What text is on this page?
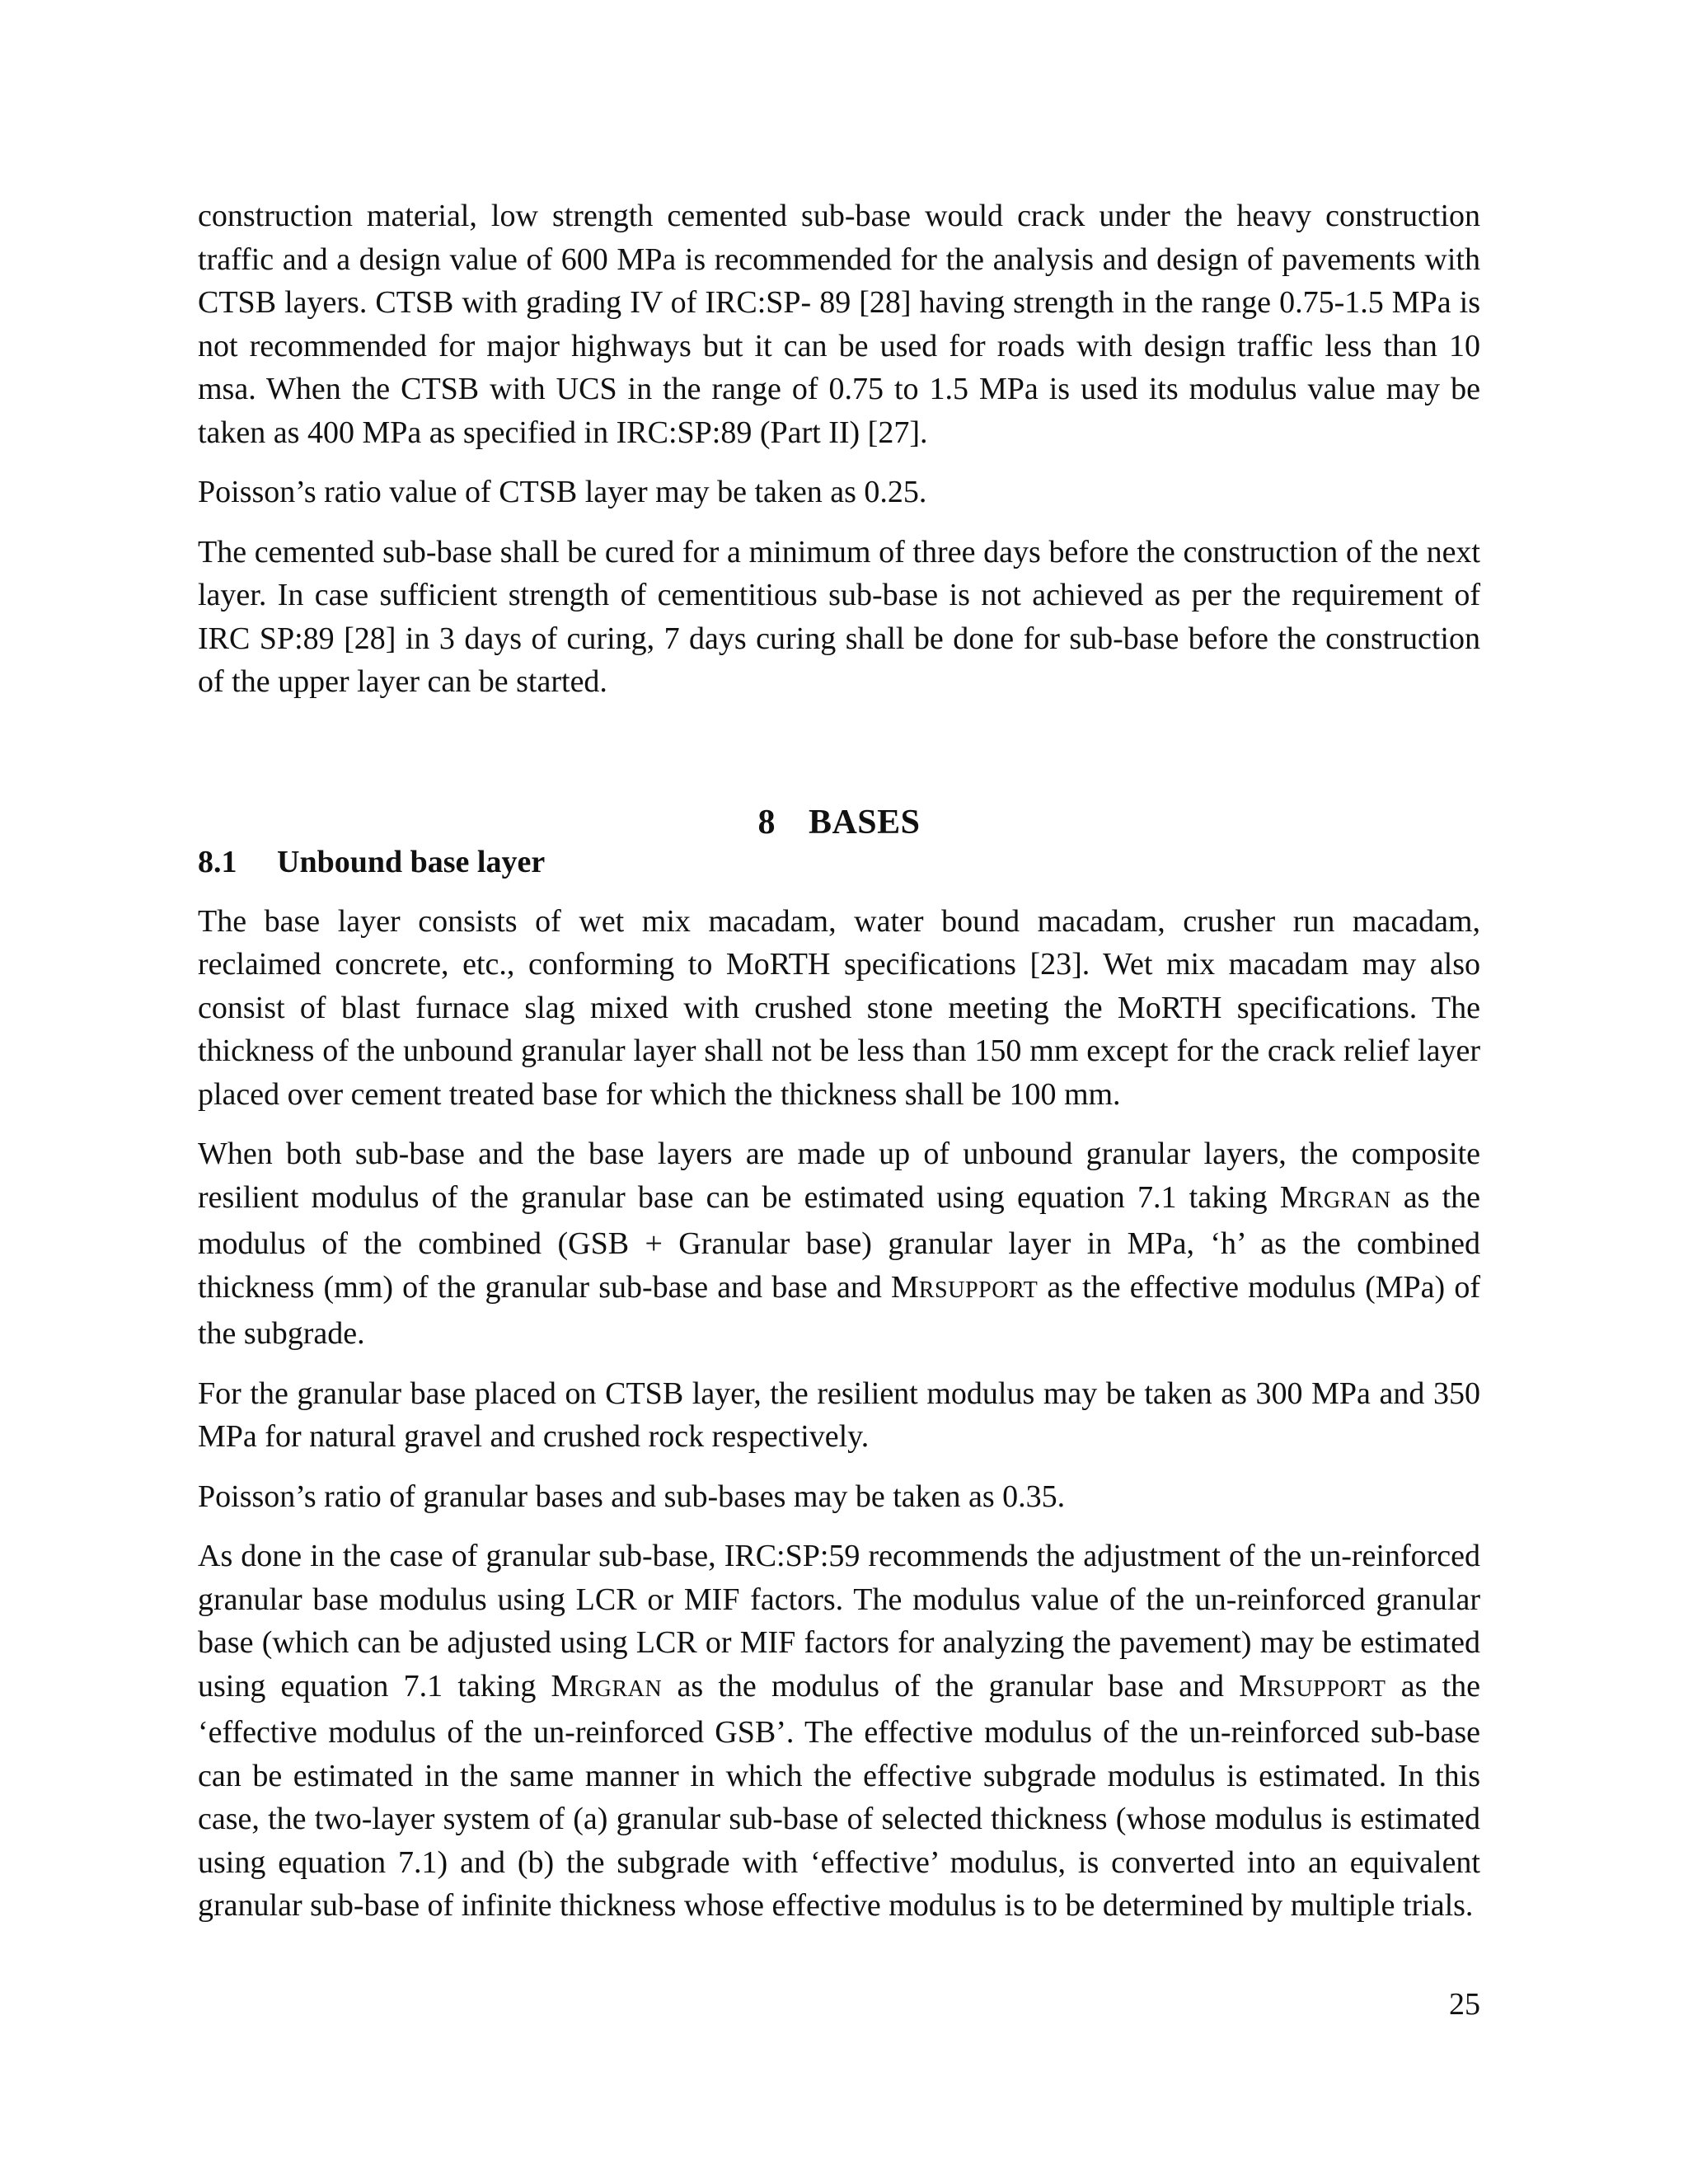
construction material, low strength cemented sub-base would crack under the heavy construction traffic and a design value of 600 MPa is recommended for the analysis and design of pavements with CTSB layers. CTSB with grading IV of IRC:SP- 89 [28] having strength in the range 0.75-1.5 MPa is not recommended for major highways but it can be used for roads with design traffic less than 10 msa. When the CTSB with UCS in the range of 0.75 to 1.5 MPa is used its modulus value may be taken as 400 MPa as specified in IRC:SP:89 (Part II) [27].

Poisson’s ratio value of CTSB layer may be taken as 0.25.

The cemented sub-base shall be cured for a minimum of three days before the construction of the next layer. In case sufficient strength of cementitious sub-base is not achieved as per the requirement of IRC SP:89 [28] in 3 days of curing, 7 days curing shall be done for sub-base before the construction of the upper layer can be started.

8 BASES
8.1 Unbound base layer

The base layer consists of wet mix macadam, water bound macadam, crusher run macadam, reclaimed concrete, etc., conforming to MoRTH specifications [23]. Wet mix macadam may also consist of blast furnace slag mixed with crushed stone meeting the MoRTH specifications. The thickness of the unbound granular layer shall not be less than 150 mm except for the crack relief layer placed over cement treated base for which the thickness shall be 100 mm.

When both sub-base and the base layers are made up of unbound granular layers, the composite resilient modulus of the granular base can be estimated using equation 7.1 taking MRGRAN as the modulus of the combined (GSB + Granular base) granular layer in MPa, ‘h’ as the combined thickness (mm) of the granular sub-base and base and MRSUPPORT as the effective modulus (MPa) of the subgrade.

For the granular base placed on CTSB layer, the resilient modulus may be taken as 300 MPa and 350 MPa for natural gravel and crushed rock respectively.

Poisson’s ratio of granular bases and sub-bases may be taken as 0.35.

As done in the case of granular sub-base, IRC:SP:59 recommends the adjustment of the un-reinforced granular base modulus using LCR or MIF factors. The modulus value of the un-reinforced granular base (which can be adjusted using LCR or MIF factors for analyzing the pavement) may be estimated using equation 7.1 taking MRGRAN as the modulus of the granular base and MRSUPPORT as the ‘effective modulus of the un-reinforced GSB’. The effective modulus of the un-reinforced sub-base can be estimated in the same manner in which the effective subgrade modulus is estimated. In this case, the two-layer system of (a) granular sub-base of selected thickness (whose modulus is estimated using equation 7.1) and (b) the subgrade with ‘effective’ modulus, is converted into an equivalent granular sub-base of infinite thickness whose effective modulus is to be determined by multiple trials.

25
